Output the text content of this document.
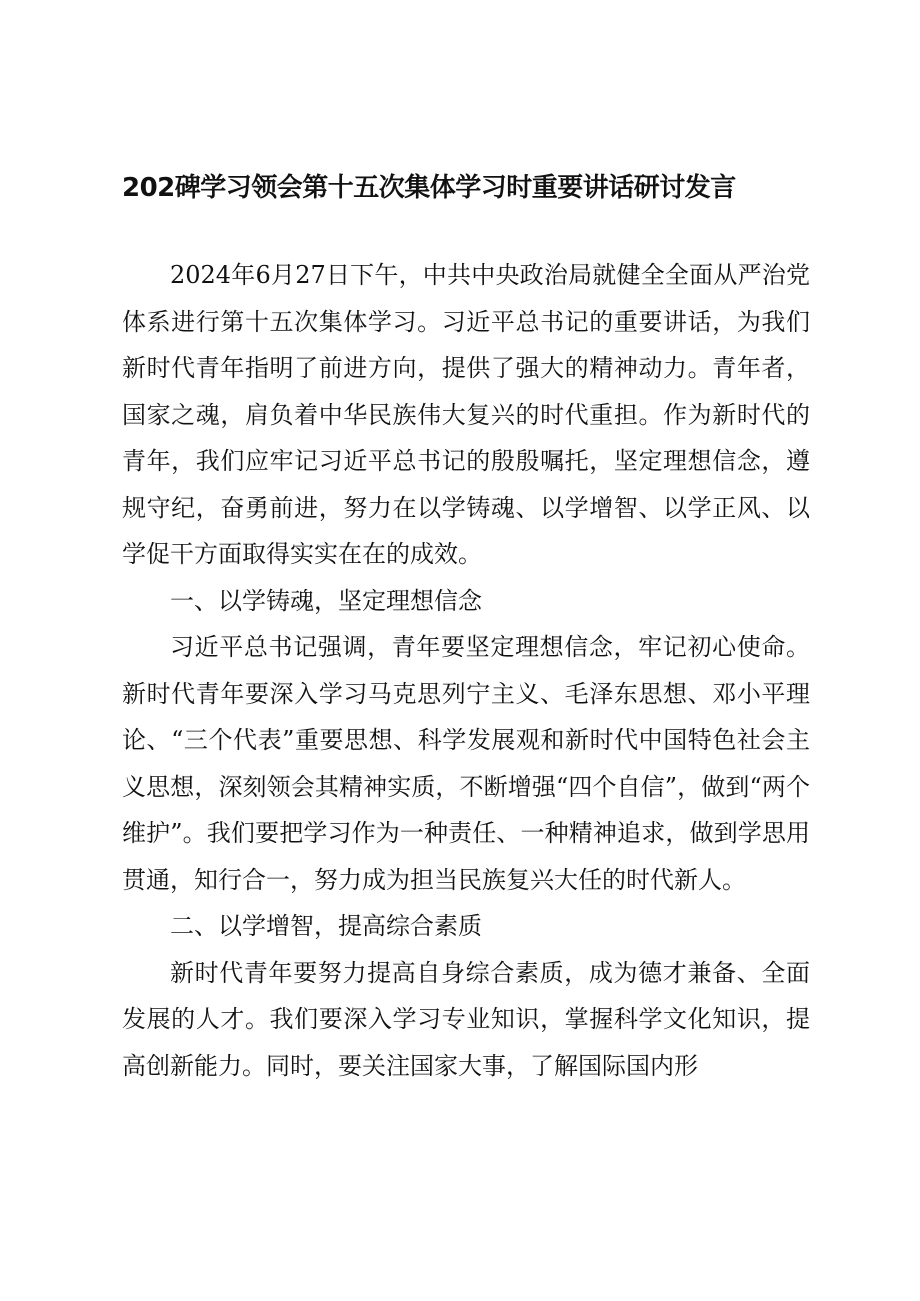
202碑学习领会第十五次集体学习时重要讲话研讨发言

2024年6月27日下午，中共中央政治局就健全全面从严治党体系进行第十五次集体学习。习近平总书记的重要讲话，为我们新时代青年指明了前进方向，提供了强大的精神动力。青年者，国家之魂，肩负着中华民族伟大复兴的时代重担。作为新时代的青年，我们应牢记习近平总书记的殷殷嘱托，坚定理想信念，遵规守纪，奋勇前进，努力在以学铸魂、以学增智、以学正风、以学促干方面取得实实在在的成效。

一、以学铸魂，坚定理想信念

习近平总书记强调，青年要坚定理想信念，牢记初心使命。新时代青年要深入学习马克思列宁主义、毛泽东思想、邓小平理论、“三个代表”重要思想、科学发展观和新时代中国特色社会主义思想，深刻领会其精神实质，不断增强“四个自信”，做到“两个维护”。我们要把学习作为一种责任、一种精神追求，做到学思用贯通，知行合一，努力成为担当民族复兴大任的时代新人。

二、以学增智，提高综合素质

新时代青年要努力提高自身综合素质，成为德才兼备、全面发展的人才。我们要深入学习专业知识，掌握科学文化知识，提高创新能力。同时，要关注国家大事，了解国际国内形
